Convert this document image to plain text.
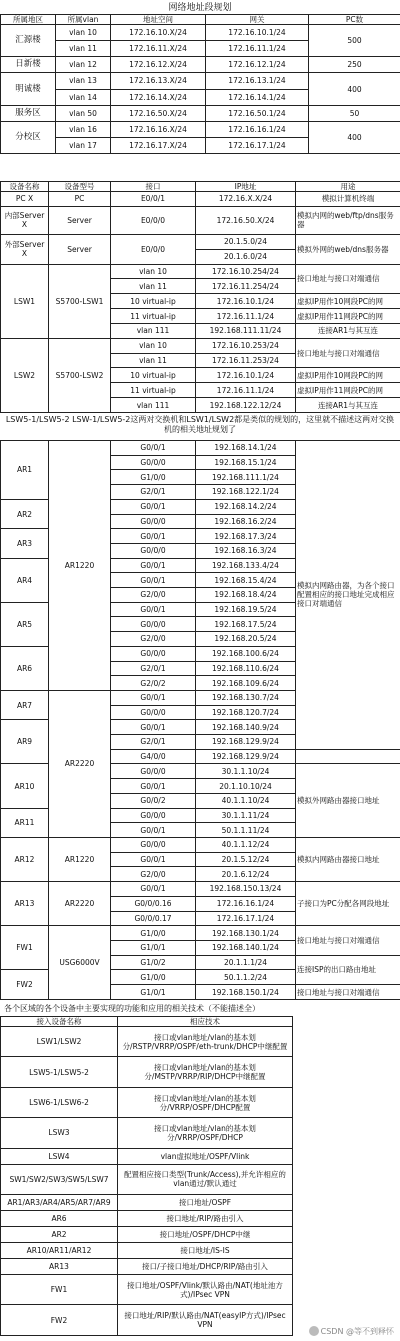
网络地址段规划
所属地区	所属vlan	地址空间	网关	PC数
汇源楼	vlan 10	172.16.10.X/24	172.16.10.1/24	500
	vlan 11	172.16.11.X/24	172.16.11.1/24	
日新楼	vlan 12	172.16.12.X/24	172.16.12.1/24	250
明诚楼	vlan 13	172.16.13.X/24	172.16.13.1/24	400
	vlan 14	172.16.14.X/24	172.16.14.1/24	
服务区	vlan 50	172.16.50.X/24	172.16.50.1/24	50
分校区	vlan 16	172.16.16.X/24	172.16.16.1/24	400
	vlan 17	172.16.17.X/24	172.16.17.1/24	
设备名称	设备型号	接口	IP地址	用途
PC X	PC	E0/0/1	172.16.X.X/24	模拟计算机终端
内部Server X	Server	E0/0/0	172.16.50.X/24	模拟内网的web/ftp/dns服务器
外部Server X	Server	E0/0/0	20.1.5.0/24	模拟外网的web/dns服务器
			20.1.6.0/24	
LSW1	S5700-LSW1	vlan 10	172.16.10.254/24	接口地址与接口对端通信
		vlan 11	172.16.11.254/24	
		10 virtual-ip	172.16.10.1/24	虚拟IP用作10网段PC的网
		11 virtual-ip	172.16.11.1/24	虚拟IP用作11网段PC的网
		vlan 111	192.168.111.11/24	连接AR1与其互连
LSW2	S5700-LSW2	vlan 10	172.16.10.253/24	接口地址与接口对端通信
		vlan 11	172.16.11.253/24	
		10 virtual-ip	172.16.10.1/24	虚拟IP用作10网段PC的网
		11 virtual-ip	172.16.11.1/24	虚拟IP用作11网段PC的网
		vlan 111	192.168.122.12/24	连接AR1与其互连
LSW5-1/LSW5-2 LSW-1/LSW5-2这两对交换机和LSW1/LSW2都是类似的规划的，这里就不描述这两对交换机的相关地址规划了
AR1	AR1220	G0/0/1	192.168.14.1/24	模拟内网路由器，为各个接口配置相应的接口地址完成相应接口对端通信
		G0/0/0	192.168.15.1/24	
		G1/0/0	192.168.111.1/24	
		G2/0/1	192.168.122.1/24	
AR2		G0/0/1	192.168.14.2/24	
		G0/0/0	192.168.16.2/24	
AR3		G0/0/1	192.168.17.3/24	
		G0/0/0	192.168.16.3/24	
AR4		G0/0/1	192.168.133.4/24	
		G0/0/1	192.168.15.4/24	
		G2/0/0	192.168.18.4/24	
AR5		G0/0/1	192.168.19.5/24	
		G0/0/0	192.168.17.5/24	
		G2/0/0	192.168.20.5/24	
AR6		G0/0/0	192.168.100.6/24	
		G2/0/1	192.168.110.6/24	
		G2/0/2	192.168.109.6/24	
AR7	AR2220	G0/0/1	192.168.130.7/24	
		G0/0/0	192.168.120.7/24	
AR9		G0/0/1	192.168.140.9/24	
		G2/0/1	192.168.129.9/24	
		G4/0/0	192.168.129.9/24	
AR10		G0/0/0	30.1.1.10/24	模拟外网路由器接口地址
		G0/0/1	20.1.10.10/24	
		G0/0/2	40.1.1.10/24	
AR11		G0/0/0	30.1.1.11/24	
		G0/0/1	50.1.1.11/24	
AR12	AR1220	G0/0/0	40.1.1.12/24	模拟内网路由器接口地址
		G0/0/1	20.1.5.12/24	
		G2/0/0	20.1.6.12/24	
AR13	AR2220	G0/0/1	192.168.150.13/24	子接口为PC分配各网段地址
		G0/0/0.16	172.16.16.1/24	
		G0/0/0.17	172.16.17.1/24	
FW1	USG6000V	G1/0/0	192.168.130.1/24	接口地址与接口对端通信
		G1/0/1	192.168.140.1/24	
		G1/0/2	20.1.1.1/24	连接ISP的出口路由地址
FW2		G1/0/0	50.1.1.2/24	
		G1/0/1	192.168.150.1/24	接口地址与接口对端通信
各个区域的各个设备中主要实现的功能和应用的相关技术（不能描述全）
接入设备名称	相应技术
LSW1/LSW2	接口或vlan地址/vlan的基本划分/RSTP/VRRP/OSPF/eth-trunk/DHCP中继配置
LSW5-1/LSW5-2	接口或vlan地址/vlan的基本划分/MSTP/VRRP/RIP/DHCP中继配置
LSW6-1/LSW6-2	接口或vlan地址/vlan的基本划分/VRRP/OSPF/DHCP配置
LSW3	接口或vlan地址/vlan的基本划分/VRRP/OSPF/DHCP
LSW4	vlan虚拟地址/OSPF/Vlink
SW1/SW2/SW3/SW5/LSW7	配置相应接口类型(Trunk/Access),并允许相应的vlan通过/默认通过
AR1/AR3/AR4/AR5/AR7/AR9	接口地址/OSPF
AR6	接口地址/RIP/路由引入
AR2	接口地址/OSPF/DHCP中继
AR10/AR11/AR12	接口地址/IS-IS
AR13	接口/子接口地址/DHCP/RIP/路由引入
FW1	接口地址/OSPF/Vlink/默认路由/NAT(地址池方式)/IPsec VPN
FW2	接口地址/RIP/默认路由/NAT(easyIP方式)/IPsec VPN
CSDN @等不到释怀
